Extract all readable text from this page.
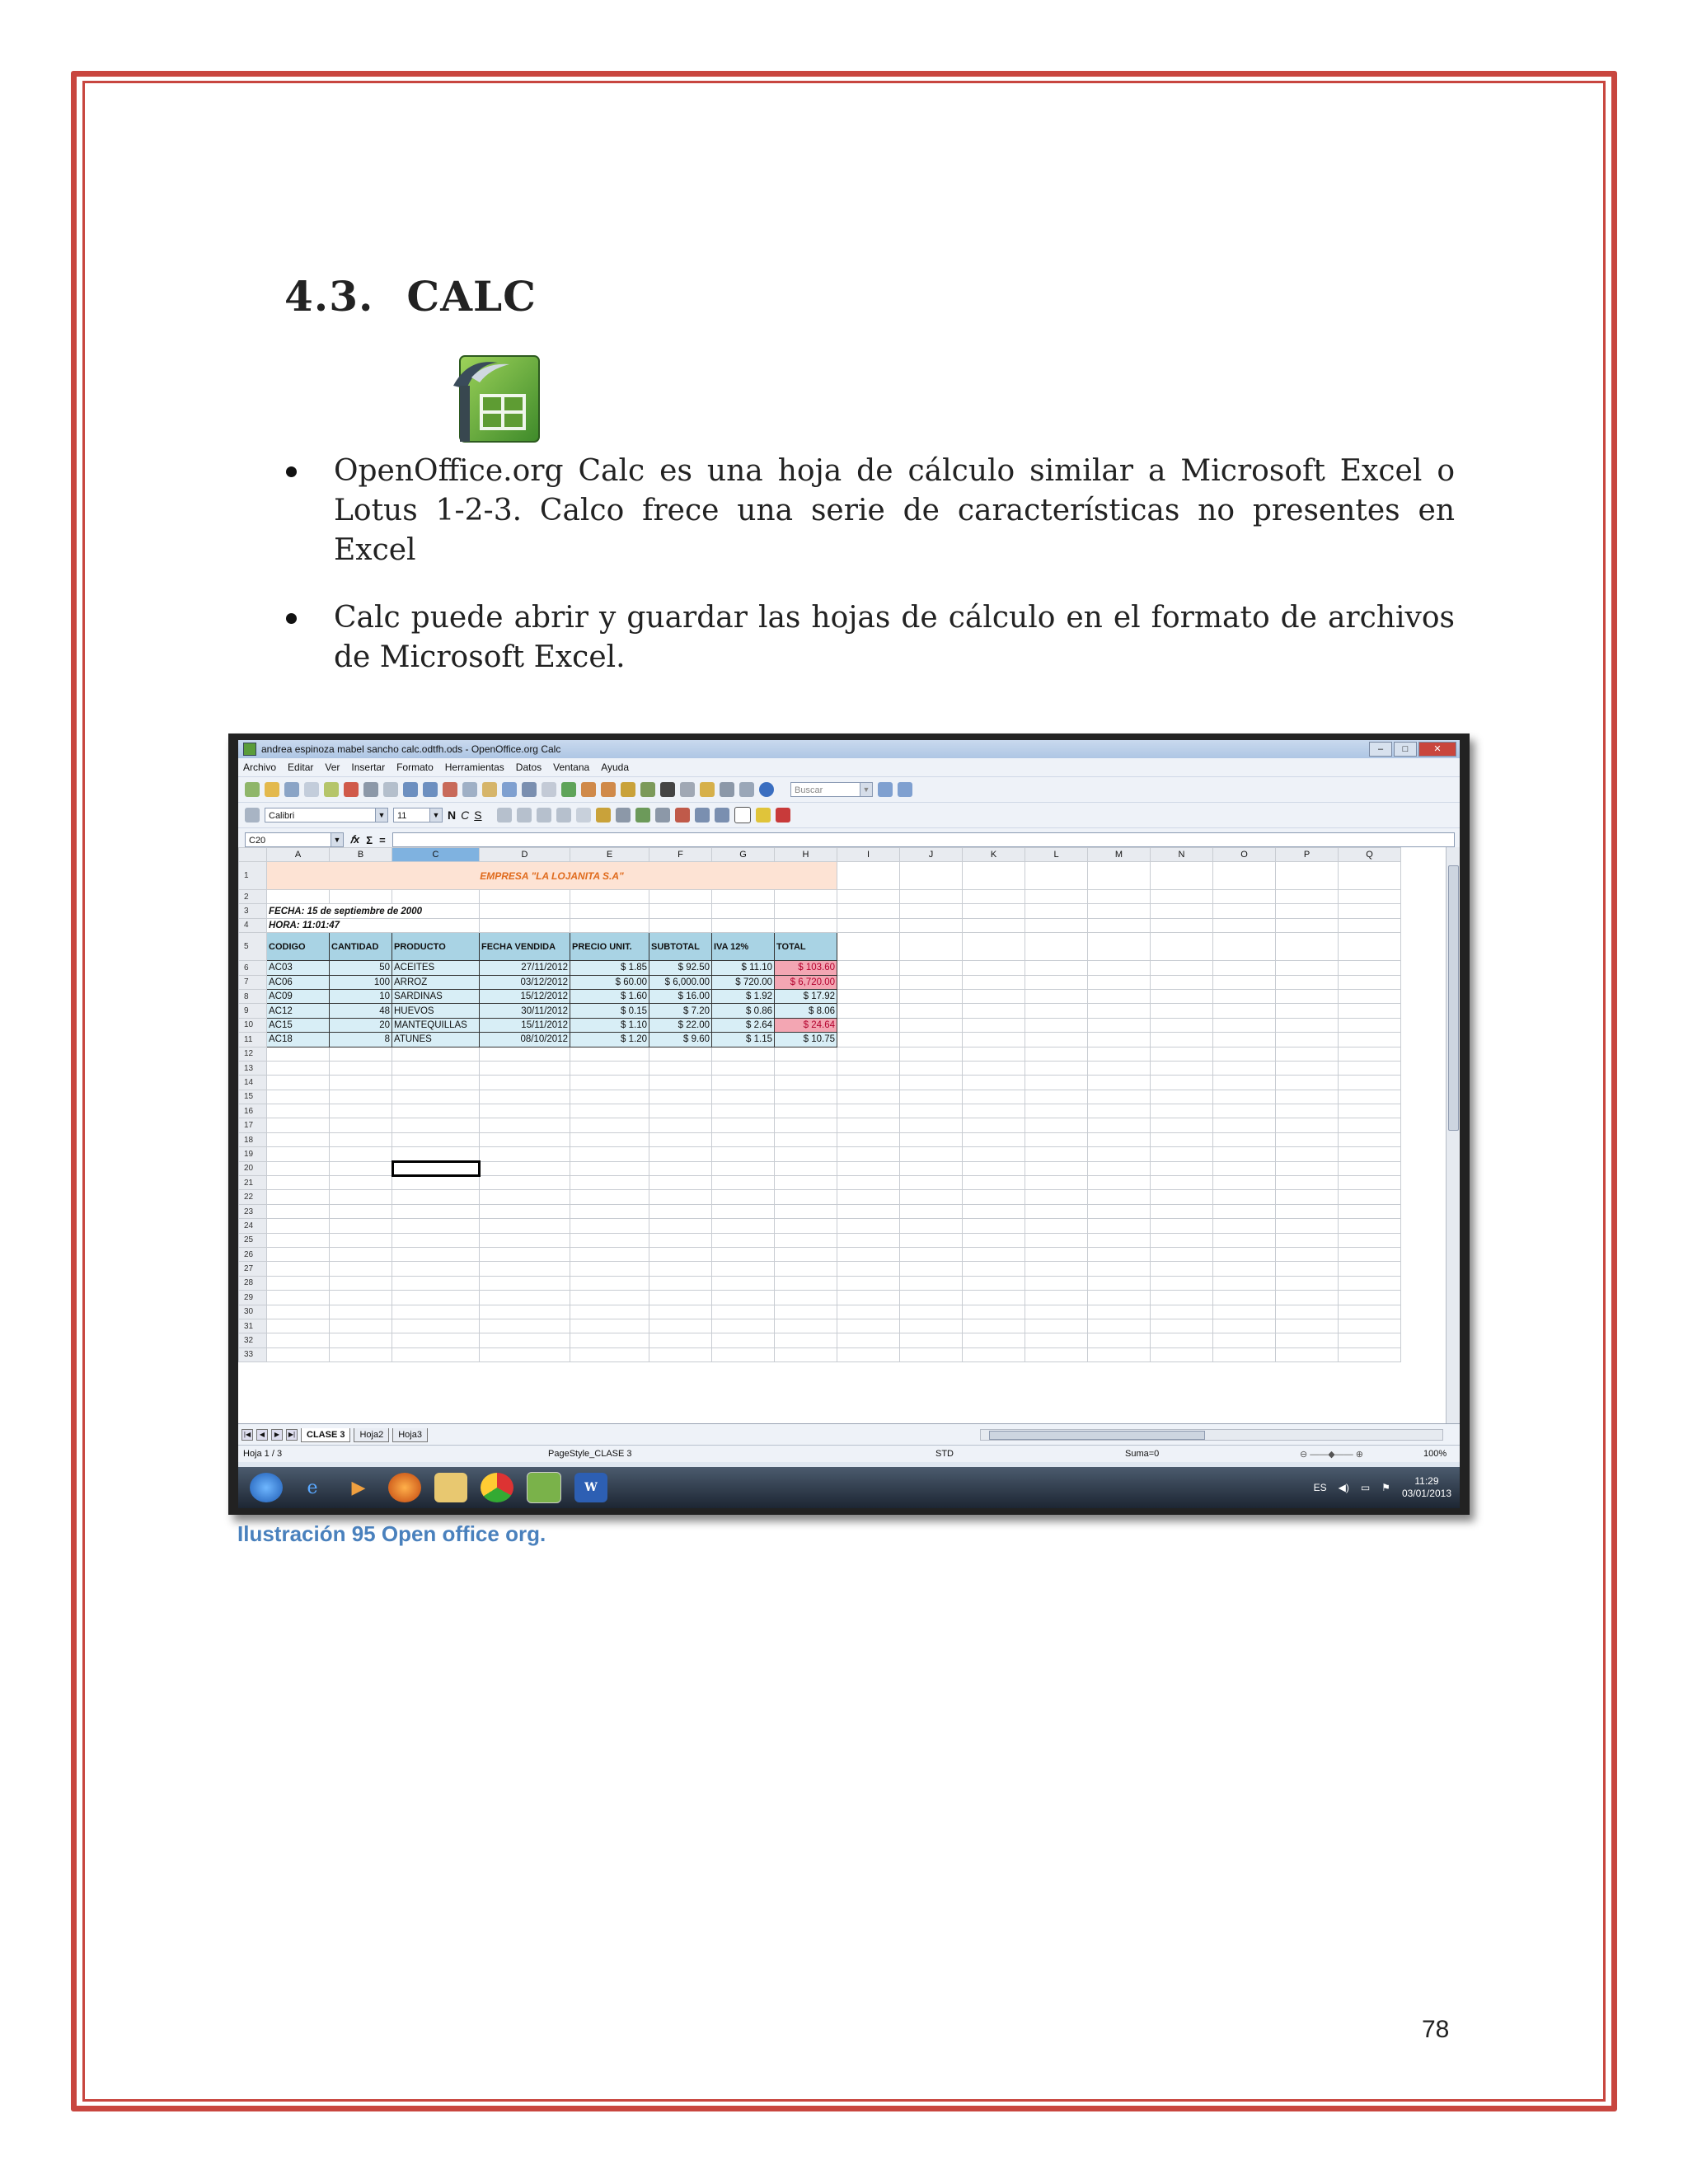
4.3. CALC
OpenOffice.org Calc es una hoja de cálculo similar a Microsoft Excel o Lotus 1-2-3. Calco frece una serie de características no presentes en Excel
Calc puede abrir y guardar las hojas de cálculo en el formato de archivos de Microsoft Excel.
andrea espinoza mabel sancho calc.odtfh.ods - OpenOffice.org Calc	–	□	✕
Archivo Editar Ver Insertar Formato Herramientas Datos Ventana Ayuda
Buscar	▼
Calibri	▼	11	▼ N C S
C20	▼ 𝑓x Σ =
	A	B	C	D	E	F	G	H	I	J	K	L	M	N	O	P	Q
1	EMPRESA "LA LOJANITA S.A"																
2																	
3	FECHA: 15 de septiembre de 2000																
4	HORA: 11:01:47																
5	CODIGO	CANTIDAD	PRODUCTO	FECHA VENDIDA	PRECIO UNIT.	SUBTOTAL	IVA 12%	TOTAL									
6	AC03	50	ACEITES	27/11/2012	$ 1.85	$ 92.50	$ 11.10	$ 103.60									
7	AC06	100	ARROZ	03/12/2012	$ 60.00	$ 6,000.00	$ 720.00	$ 6,720.00									
8	AC09	10	SARDINAS	15/12/2012	$ 1.60	$ 16.00	$ 1.92	$ 17.92									
9	AC12	48	HUEVOS	30/11/2012	$ 0.15	$ 7.20	$ 0.86	$ 8.06									
10	AC15	20	MANTEQUILLAS	15/11/2012	$ 1.10	$ 22.00	$ 2.64	$ 24.64									
11	AC18	8	ATUNES	08/10/2012	$ 1.20	$ 9.60	$ 1.15	$ 10.75									
12																	
13																	
14																	
15																	
16																	
17																	
18																	
19																	
20																	
21																	
22																	
23																	
24																	
25																	
26																	
27																	
28																	
29																	
30																	
31																	
32																	
33																	
|◀	◀	▶	▶|	CLASE 3	Hoja2	Hoja3
Hoja 1 / 3	PageStyle_CLASE 3	STD	Suma=0	⊖ ——◆—— ⊕	100%
e	▶	W	ES ◀) ▭ ⚑
11:29
03/01/2013
Ilustración 95 Open office org.
78
